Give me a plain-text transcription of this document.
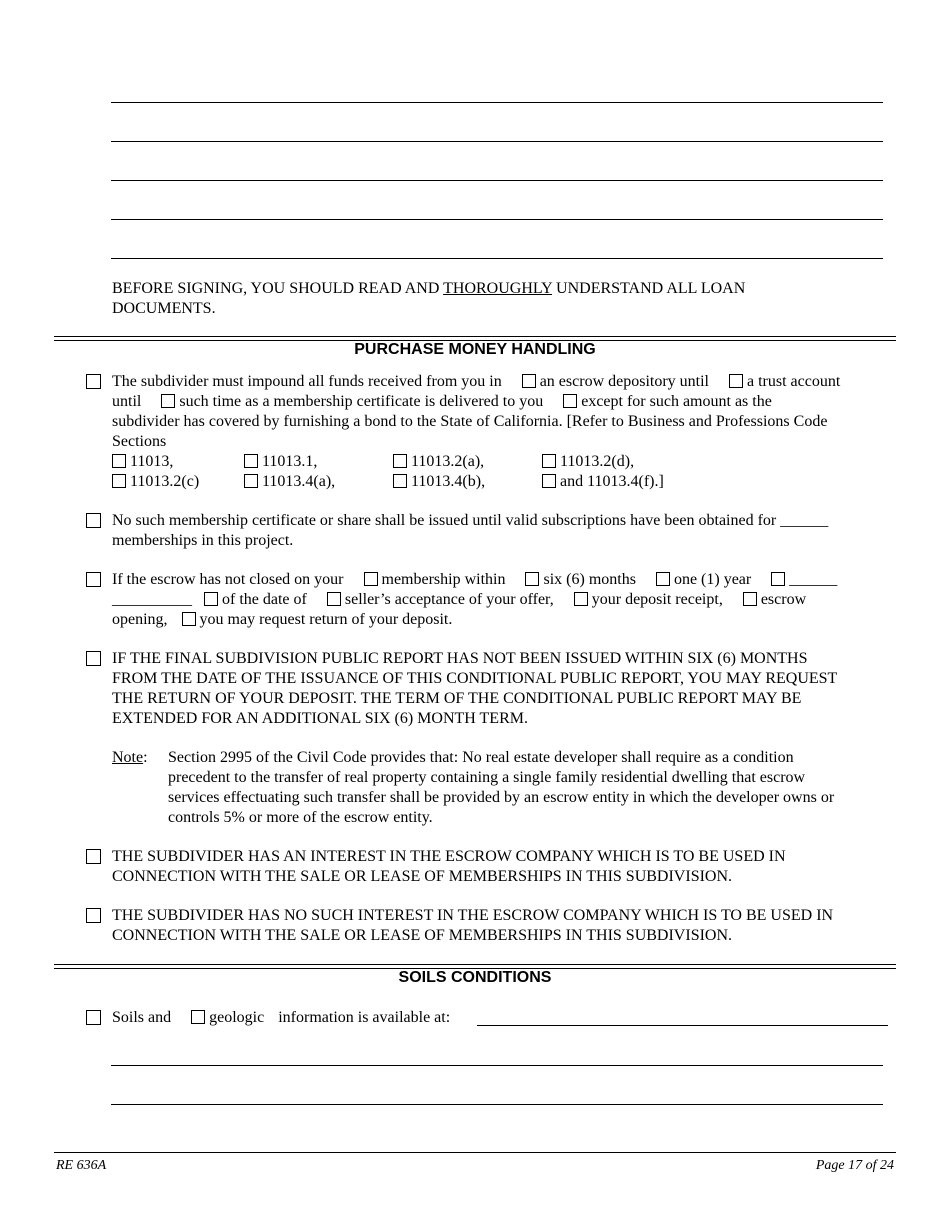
BEFORE SIGNING, YOU SHOULD READ AND THOROUGHLY UNDERSTAND ALL LOAN
DOCUMENTS.
PURCHASE MONEY HANDLING
The subdivider must impound all funds received from you in an escrow depository until a trust account
until such time as a membership certificate is delivered to you except for such amount as the
subdivider has covered by furnishing a bond to the State of California. [Refer to Business and Professions Code
Sections
11013,	11013.1,	11013.2(a),	11013.2(d),
11013.2(c)	11013.4(a),	11013.4(b),	and 11013.4(f).]
No such membership certificate or share shall be issued until valid subscriptions have been obtained for ______
memberships in this project.
If the escrow has not closed on your membership within six (6) months one (1) year ______
__________ of the date of seller’s acceptance of your offer, your deposit receipt, escrow
opening, you may request return of your deposit.
IF THE FINAL SUBDIVISION PUBLIC REPORT HAS NOT BEEN ISSUED WITHIN SIX (6) MONTHS
FROM THE DATE OF THE ISSUANCE OF THIS CONDITIONAL PUBLIC REPORT, YOU MAY REQUEST
THE RETURN OF YOUR DEPOSIT. THE TERM OF THE CONDITIONAL PUBLIC REPORT MAY BE
EXTENDED FOR AN ADDITIONAL SIX (6) MONTH TERM.
Note: Section 2995 of the Civil Code provides that: No real estate developer shall require as a condition
precedent to the transfer of real property containing a single family residential dwelling that escrow
services effectuating such transfer shall be provided by an escrow entity in which the developer owns or
controls 5% or more of the escrow entity.
THE SUBDIVIDER HAS AN INTEREST IN THE ESCROW COMPANY WHICH IS TO BE USED IN
CONNECTION WITH THE SALE OR LEASE OF MEMBERSHIPS IN THIS SUBDIVISION.
THE SUBDIVIDER HAS NO SUCH INTEREST IN THE ESCROW COMPANY WHICH IS TO BE USED IN
CONNECTION WITH THE SALE OR LEASE OF MEMBERSHIPS IN THIS SUBDIVISION.
SOILS CONDITIONS
Soils and geologic information is available at:
RE 636A	Page 17 of 24
